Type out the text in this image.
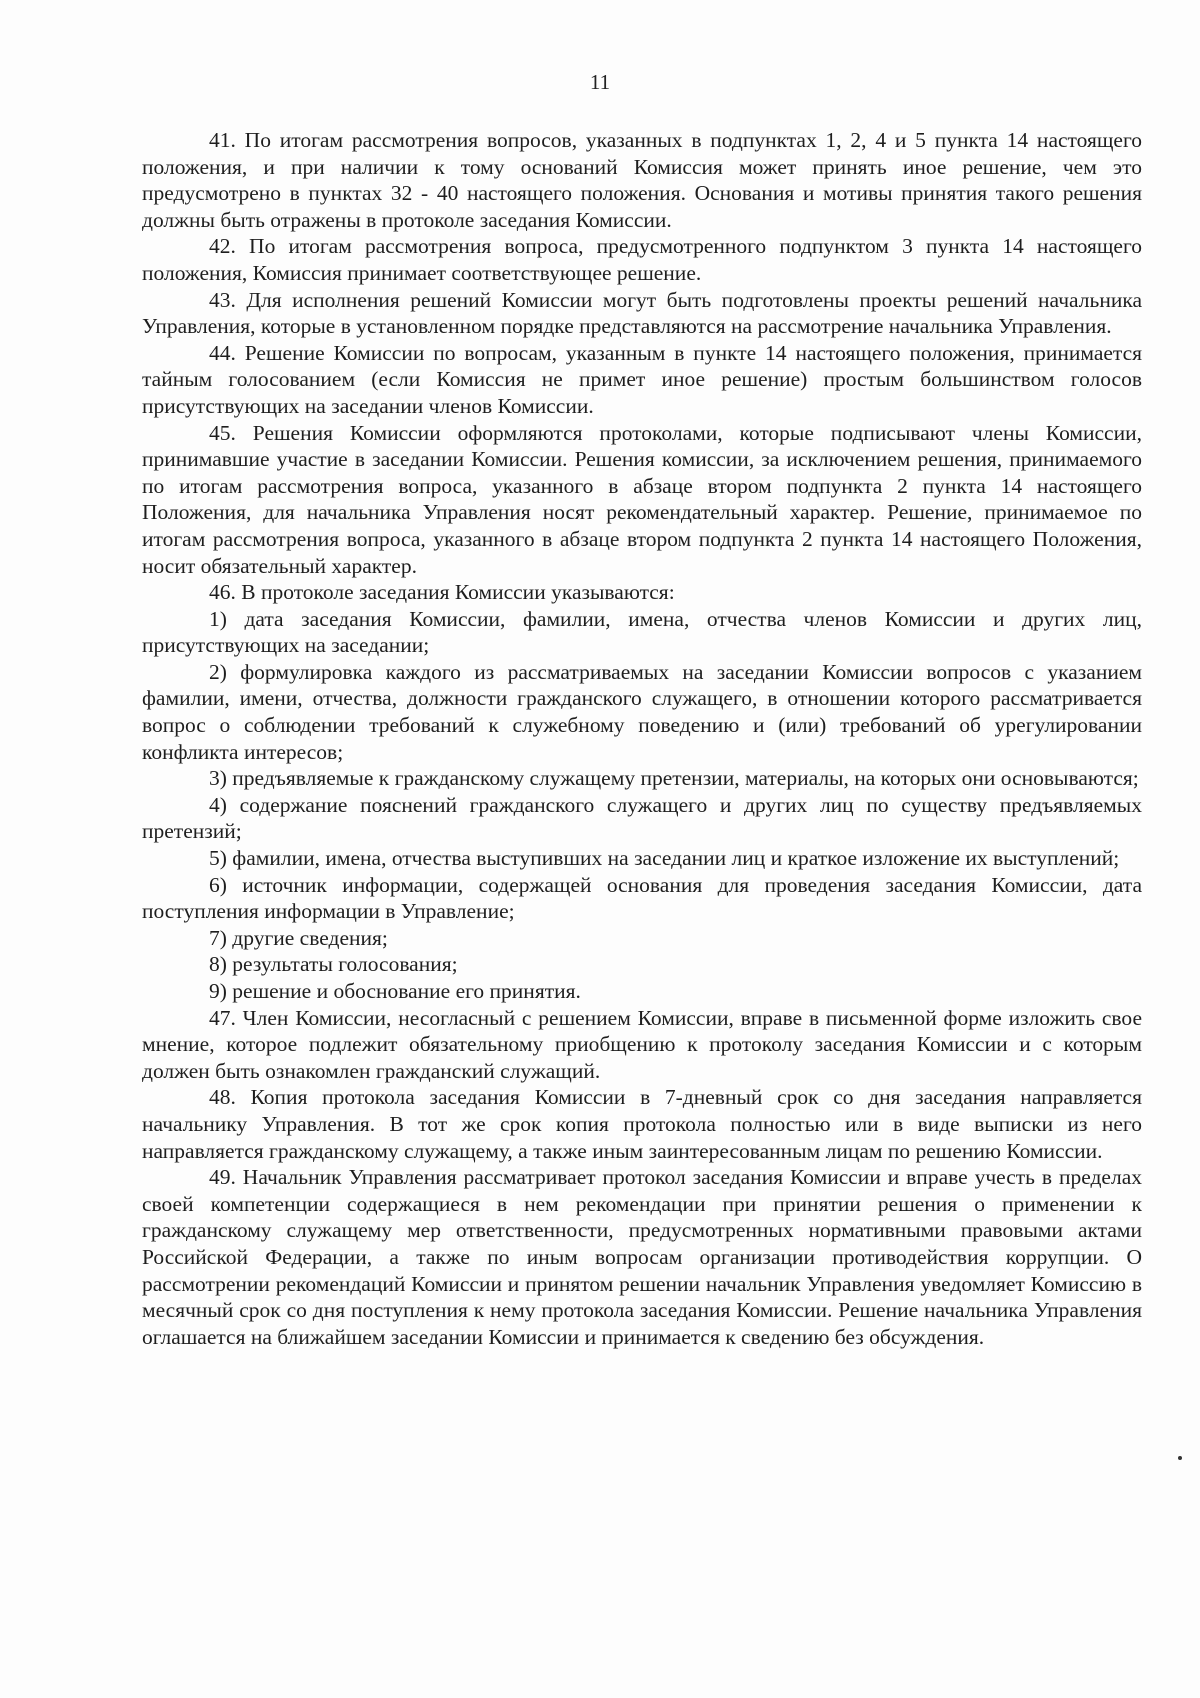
11

41. По итогам рассмотрения вопросов, указанных в подпунктах 1, 2, 4 и 5 пункта 14 настоящего положения, и при наличии к тому оснований Комиссия может принять иное решение, чем это предусмотрено в пунктах 32 - 40 настоящего положения. Основания и мотивы принятия такого решения должны быть отражены в протоколе заседания Комиссии.

42. По итогам рассмотрения вопроса, предусмотренного подпунктом 3 пункта 14 настоящего положения, Комиссия принимает соответствующее решение.

43. Для исполнения решений Комиссии могут быть подготовлены проекты решений начальника Управления, которые в установленном порядке представляются на рассмотрение начальника Управления.

44. Решение Комиссии по вопросам, указанным в пункте 14 настоящего положения, принимается тайным голосованием (если Комиссия не примет иное решение) простым большинством голосов присутствующих на заседании членов Комиссии.

45. Решения Комиссии оформляются протоколами, которые подписывают члены Комиссии, принимавшие участие в заседании Комиссии. Решения комиссии, за исключением решения, принимаемого по итогам рассмотрения вопроса, указанного в абзаце втором подпункта 2 пункта 14 настоящего Положения, для начальника Управления носят рекомендательный характер. Решение, принимаемое по итогам рассмотрения вопроса, указанного в абзаце втором подпункта 2 пункта 14 настоящего Положения, носит обязательный характер.

46. В протоколе заседания Комиссии указываются:

1) дата заседания Комиссии, фамилии, имена, отчества членов Комиссии и других лиц, присутствующих на заседании;

2) формулировка каждого из рассматриваемых на заседании Комиссии вопросов с указанием фамилии, имени, отчества, должности гражданского служащего, в отношении которого рассматривается вопрос о соблюдении требований к служебному поведению и (или) требований об урегулировании конфликта интересов;

3) предъявляемые к гражданскому служащему претензии, материалы, на которых они основываются;

4) содержание пояснений гражданского служащего и других лиц по существу предъявляемых претензий;

5) фамилии, имена, отчества выступивших на заседании лиц и краткое изложение их выступлений;

6) источник информации, содержащей основания для проведения заседания Комиссии, дата поступления информации в Управление;

7) другие сведения;

8) результаты голосования;

9) решение и обоснование его принятия.

47. Член Комиссии, несогласный с решением Комиссии, вправе в письменной форме изложить свое мнение, которое подлежит обязательному приобщению к протоколу заседания Комиссии и с которым должен быть ознакомлен гражданский служащий.

48. Копия протокола заседания Комиссии в 7-дневный срок со дня заседания направляется начальнику Управления. В тот же срок копия протокола полностью или в виде выписки из него направляется гражданскому служащему, а также иным заинтересованным лицам по решению Комиссии.

49. Начальник Управления рассматривает протокол заседания Комиссии и вправе учесть в пределах своей компетенции содержащиеся в нем рекомендации при принятии решения о применении к гражданскому служащему мер ответственности, предусмотренных нормативными правовыми актами Российской Федерации, а также по иным вопросам организации противодействия коррупции. О рассмотрении рекомендаций Комиссии и принятом решении начальник Управления уведомляет Комиссию в месячный срок со дня поступления к нему протокола заседания Комиссии. Решение начальника Управления оглашается на ближайшем заседании Комиссии и принимается к сведению без обсуждения.
